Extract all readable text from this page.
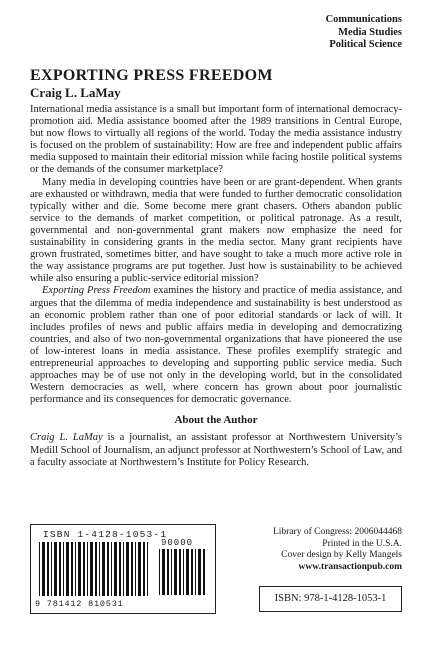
Communications
Media Studies
Political Science
EXPORTING PRESS FREEDOM
Craig L. LaMay

International media assistance is a small but important form of international democracy-promotion aid. Media assistance boomed after the 1989 transitions in Central Europe, but now flows to virtually all regions of the world. Today the media assistance industry is focused on the problem of sustainability: How are free and independent public affairs media supposed to maintain their editorial mission while facing hostile political systems or the demands of the consumer marketplace?

Many media in developing countries have been or are grant-dependent. When grants are exhausted or withdrawn, media that were funded to further democratic consolidation typically wither and die. Some become mere grant chasers. Others abandon public service to the demands of market competition, or political patronage. As a result, governmental and non-governmental grant makers now emphasize the need for sustainability in considering grants in the media sector. Many grant recipients have grown frustrated, sometimes bitter, and have sought to take a much more active role in the way assistance programs are put together. Just how is sustainability to be achieved while also ensuring a public-service editorial mission?

Exporting Press Freedom examines the history and practice of media assistance, and argues that the dilemma of media independence and sustainability is best understood as an economic problem rather than one of poor editorial standards or lack of will. It includes profiles of news and public affairs media in developing and democratizing countries, and also of two non-governmental organizations that have pioneered the use of low-interest loans in media assistance. These profiles exemplify strategic and entrepreneurial approaches to developing and supporting public service media. Such approaches may be of use not only in the developing world, but in the consolidated Western democracies as well, where concern has grown about poor journalistic performance and its consequences for democratic governance.

About the Author

Craig L. LaMay is a journalist, an assistant professor at Northwestern University’s Medill School of Journalism, an adjunct professor at Northwestern’s School of Law, and a faculty associate at Northwestern’s Institute for Policy Research.

ISBN 1-4128-1053-1
90000
9 781412 810531
Library of Congress: 2006044468
Printed in the U.S.A.
Cover design by Kelly Mangels
www.transactionpub.com
ISBN: 978-1-4128-1053-1
